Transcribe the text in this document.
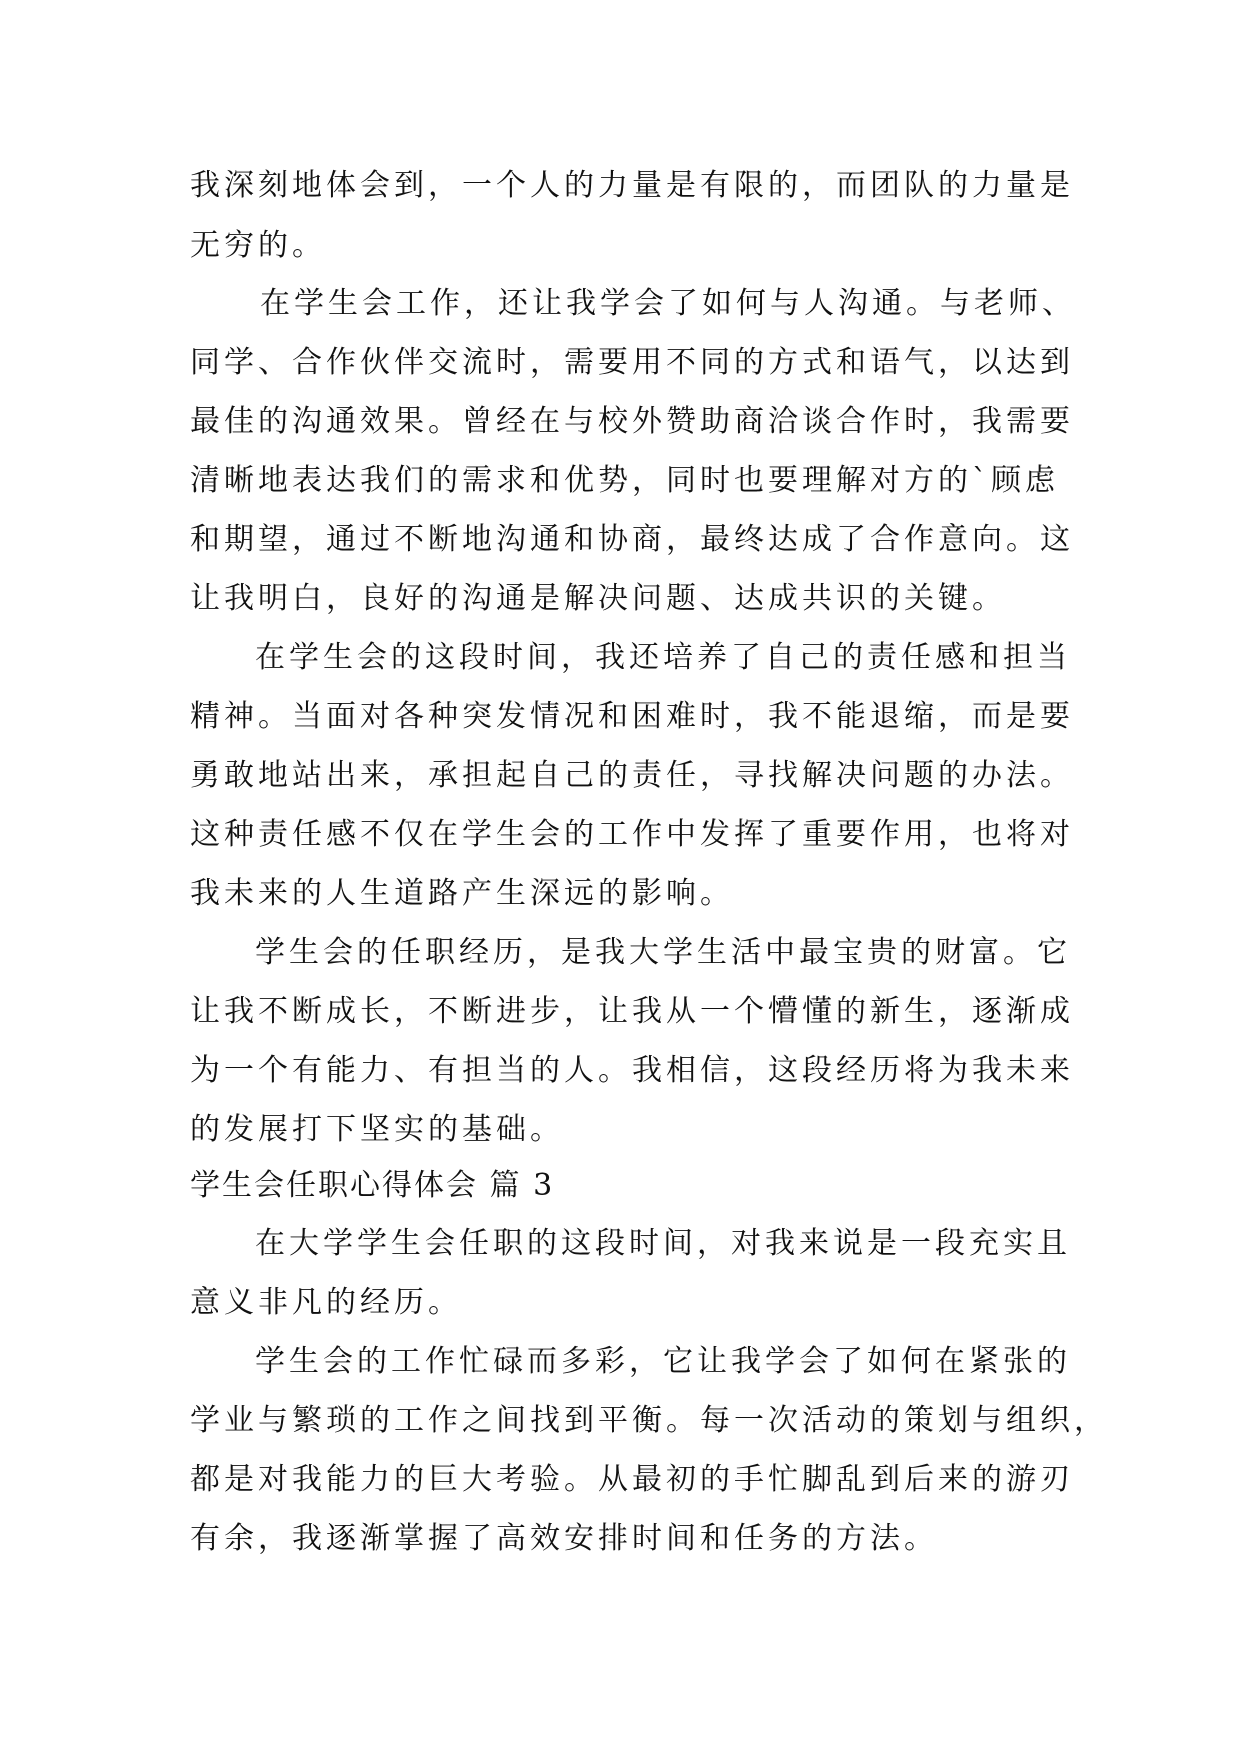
我深刻地体会到，一个人的力量是有限的，而团队的力量是
无穷的。
在学生会工作，还让我学会了如何与人沟通。与老师、
同学、合作伙伴交流时，需要用不同的方式和语气，以达到
最佳的沟通效果。曾经在与校外赞助商洽谈合作时，我需要
清晰地表达我们的需求和优势，同时也要理解对方的`顾虑
和期望，通过不断地沟通和协商，最终达成了合作意向。这
让我明白，良好的沟通是解决问题、达成共识的关键。
在学生会的这段时间，我还培养了自己的责任感和担当
精神。当面对各种突发情况和困难时，我不能退缩，而是要
勇敢地站出来，承担起自己的责任，寻找解决问题的办法。
这种责任感不仅在学生会的工作中发挥了重要作用，也将对
我未来的人生道路产生深远的影响。
学生会的任职经历，是我大学生活中最宝贵的财富。它
让我不断成长，不断进步，让我从一个懵懂的新生，逐渐成
为一个有能力、有担当的人。我相信，这段经历将为我未来
的发展打下坚实的基础。
学生会任职心得体会 篇 3
在大学学生会任职的这段时间，对我来说是一段充实且
意义非凡的经历。
学生会的工作忙碌而多彩，它让我学会了如何在紧张的
学业与繁琐的工作之间找到平衡。每一次活动的策划与组织，
都是对我能力的巨大考验。从最初的手忙脚乱到后来的游刃
有余，我逐渐掌握了高效安排时间和任务的方法。
